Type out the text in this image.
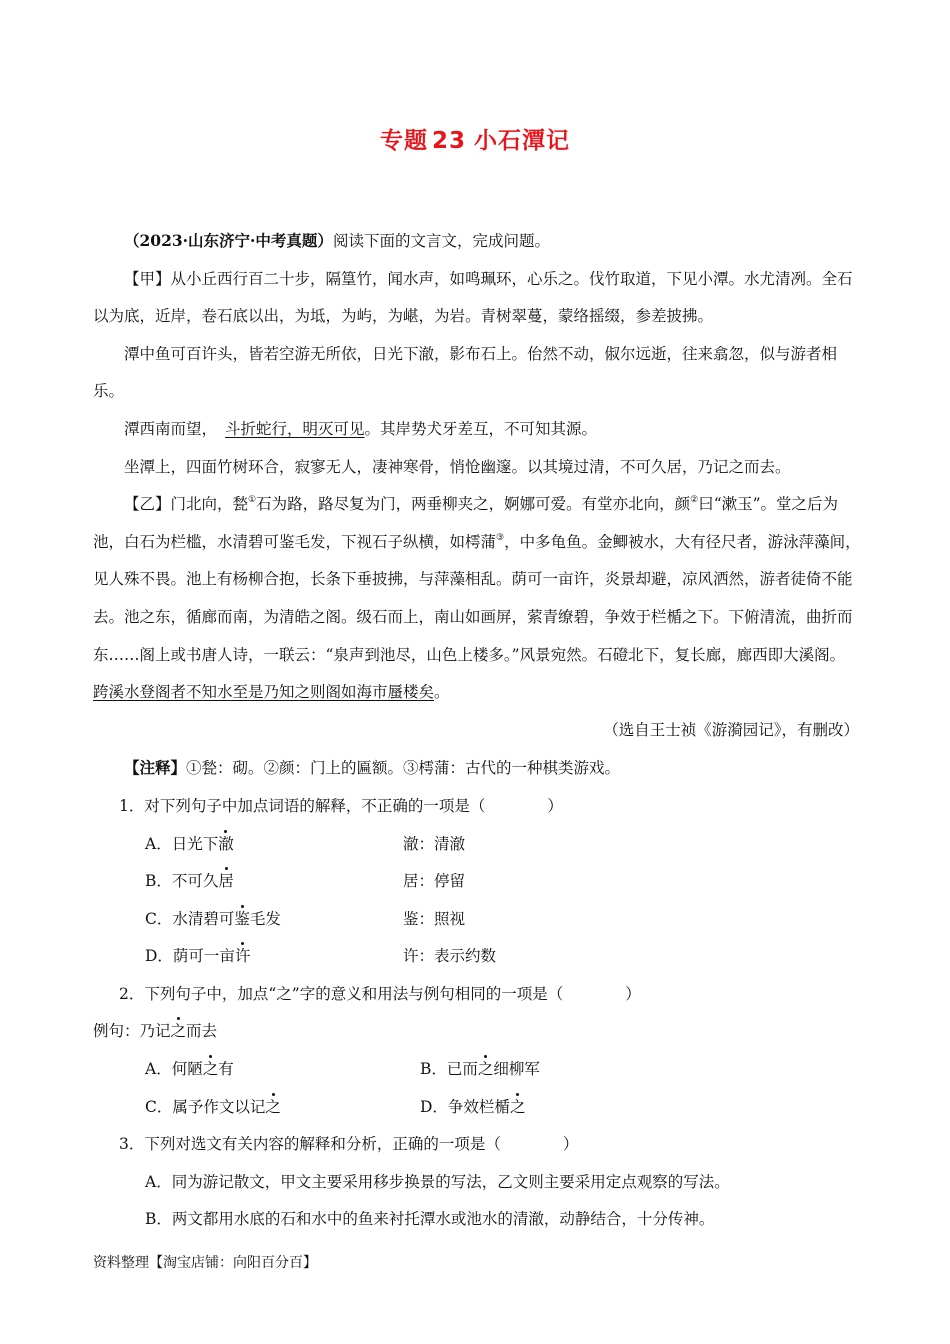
专题 23 小石潭记

（2023·山东济宁·中考真题）阅读下面的文言文，完成问题。

【甲】从小丘西行百二十步，隔篁竹，闻水声，如鸣珮环，心乐之。伐竹取道，下见小潭。水尤清冽。全石以为底，近岸，卷石底以出，为坻，为屿，为嵁，为岩。青树翠蔓，蒙络摇缀，参差披拂。

潭中鱼可百许头，皆若空游无所依，日光下澈，影布石上。佁然不动，俶尔远逝，往来翕忽，似与游者相乐。

潭西南而望， 斗折蛇行，明灭可见。其岸势犬牙差互，不可知其源。

坐潭上，四面竹树环合，寂寥无人，凄神寒骨，悄怆幽邃。以其境过清，不可久居，乃记之而去。

【乙】门北向，甃①石为路，路尽复为门，两垂柳夹之，婀娜可爱。有堂亦北向，颜②曰“漱玉”。堂之后为池，白石为栏槛，水清碧可鉴毛发，下视石子纵横，如樗蒲③，中多龟鱼。金鲫被水，大有径尺者，游泳萍藻间，见人殊不畏。池上有杨柳合抱，长条下垂披拂，与萍藻相乱。荫可一亩许，炎景却避，凉风洒然，游者徒倚不能去。池之东，循廊而南，为清皓之阁。级石而上，南山如画屏，萦青缭碧，争效于栏楯之下。下俯清流，曲折而东……阁上或书唐人诗，一联云：“泉声到池尽，山色上楼多。”风景宛然。石磴北下，复长廊，廊西即大溪阁。跨溪水登阁者不知水至是乃知之则阁如海市蜃楼矣。

（选自王士祯《游漪园记》，有删改）

【注释】①甃：砌。②颜：门上的匾额。③樗蒲：古代的一种棋类游戏。

1．对下列句子中加点词语的解释，不正确的一项是（　　　　）

A．日光下澈	澈：清澈
B．不可久居	居：停留
C．水清碧可鉴毛发	鉴：照视
D．荫可一亩许	许：表示约数

2．下列句子中，加点“之”字的意义和用法与例句相同的一项是（　　　　）

例句：乃记之而去

A．何陋之有	B．已而之细柳军
C．属予作文以记之	D．争效栏楯之

3．下列对选文有关内容的解释和分析，正确的一项是（　　　　）

A．同为游记散文，甲文主要采用移步换景的写法，乙文则主要采用定点观察的写法。

B．两文都用水底的石和水中的鱼来衬托潭水或池水的清澈，动静结合，十分传神。

资料整理【淘宝店铺：向阳百分百】
